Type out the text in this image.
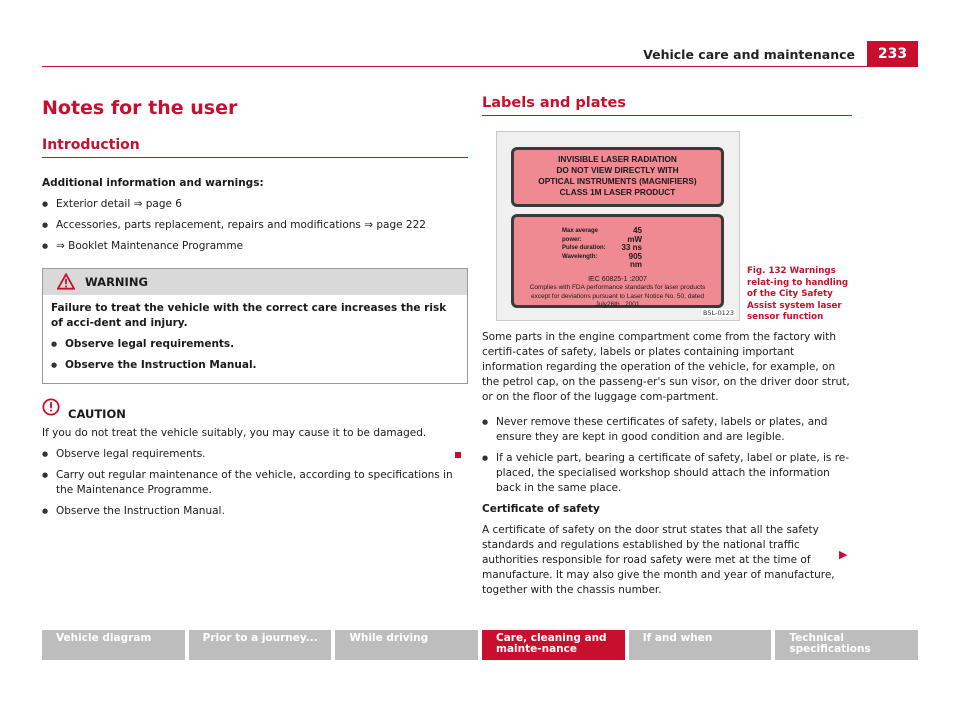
Vehicle care and maintenance	233
Notes for the user
Introduction

Additional information and warnings:

● Exterior detail ⇒ page 6
● Accessories, parts replacement, repairs and modifications ⇒ page 222
● ⇒ Booklet Maintenance Programme
WARNING

Failure to treat the vehicle with the correct care increases the risk of acci-dent and injury.

● Observe legal requirements.
● Observe the Instruction Manual.
CAUTION

If you do not treat the vehicle suitably, you may cause it to be damaged.

● Observe legal requirements.
● Carry out regular maintenance of the vehicle, according to specifications in the Maintenance Programme.
● Observe the Instruction Manual.
Labels and plates
INVISIBLE LASER RADIATION
DO NOT VIEW DIRECTLY WITH
OPTICAL INSTRUMENTS (MAGNIFIERS)
CLASS 1M LASER PRODUCT
Max average power:
45 mW
Pulse duration:	33 ns
Wavelength:	905 nm
IEC 60825-1 :2007
Complies with FDA performance standards for laser products
except for deviations pursuant to Laser Notice No. 50, dated
July26th , 2001
B5L-0123
Fig. 132 Warnings relat-ing to handling of the City Safety Assist system laser sensor function

Some parts in the engine compartment come from the factory with certifi-cates of safety, labels or plates containing important information regarding the operation of the vehicle, for example, on the petrol cap, on the passeng-er's sun visor, on the driver door strut, or on the floor of the luggage com-partment.

● Never remove these certificates of safety, labels or plates, and ensure they are kept in good condition and are legible.
● If a vehicle part, bearing a certificate of safety, label or plate, is re-placed, the specialised workshop should attach the information back in the same place.

Certificate of safety

A certificate of safety on the door strut states that all the safety standards and regulations established by the national traffic authorities responsible for road safety were met at the time of manufacture. It may also give the month and year of manufacture, together with the chassis number.

▶
Vehicle diagram	Prior to a journey...	While driving	Care, cleaning and mainte-nance
If and when	Technical specifications
